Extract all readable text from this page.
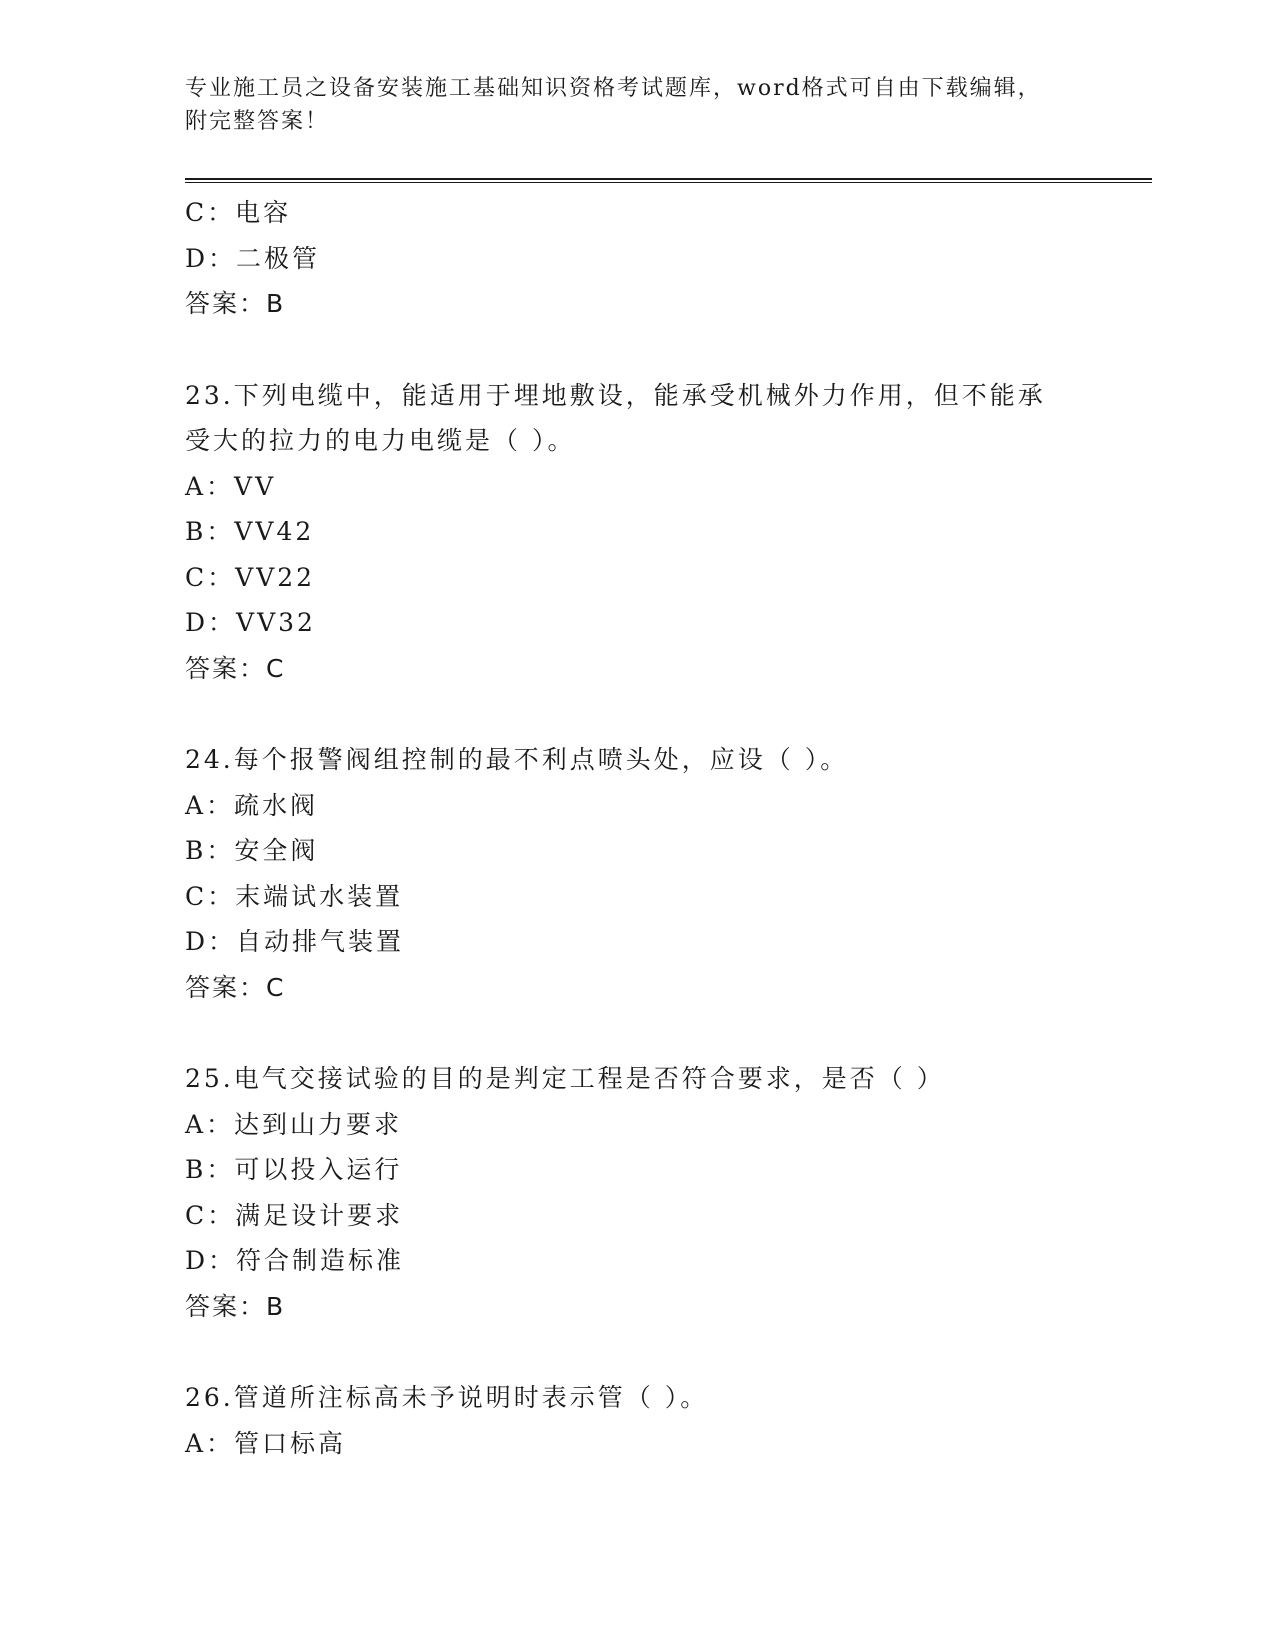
专业施工员之设备安装施工基础知识资格考试题库，word格式可自由下载编辑，
附完整答案！
C：电容
D：二极管
答案：B
23.下列电缆中，能适用于埋地敷设，能承受机械外力作用，但不能承
受大的拉力的电力电缆是（ ）。
A：VV
B：VV42
C：VV22
D：VV32
答案：C
24.每个报警阀组控制的最不利点喷头处，应设（ ）。
A：疏水阀
B：安全阀
C：末端试水装置
D：自动排气装置
答案：C
25.电气交接试验的目的是判定工程是否符合要求，是否（ ）
A：达到山力要求
B：可以投入运行
C：满足设计要求
D：符合制造标准
答案：B
26.管道所注标高未予说明时表示管（ ）。
A：管口标高
